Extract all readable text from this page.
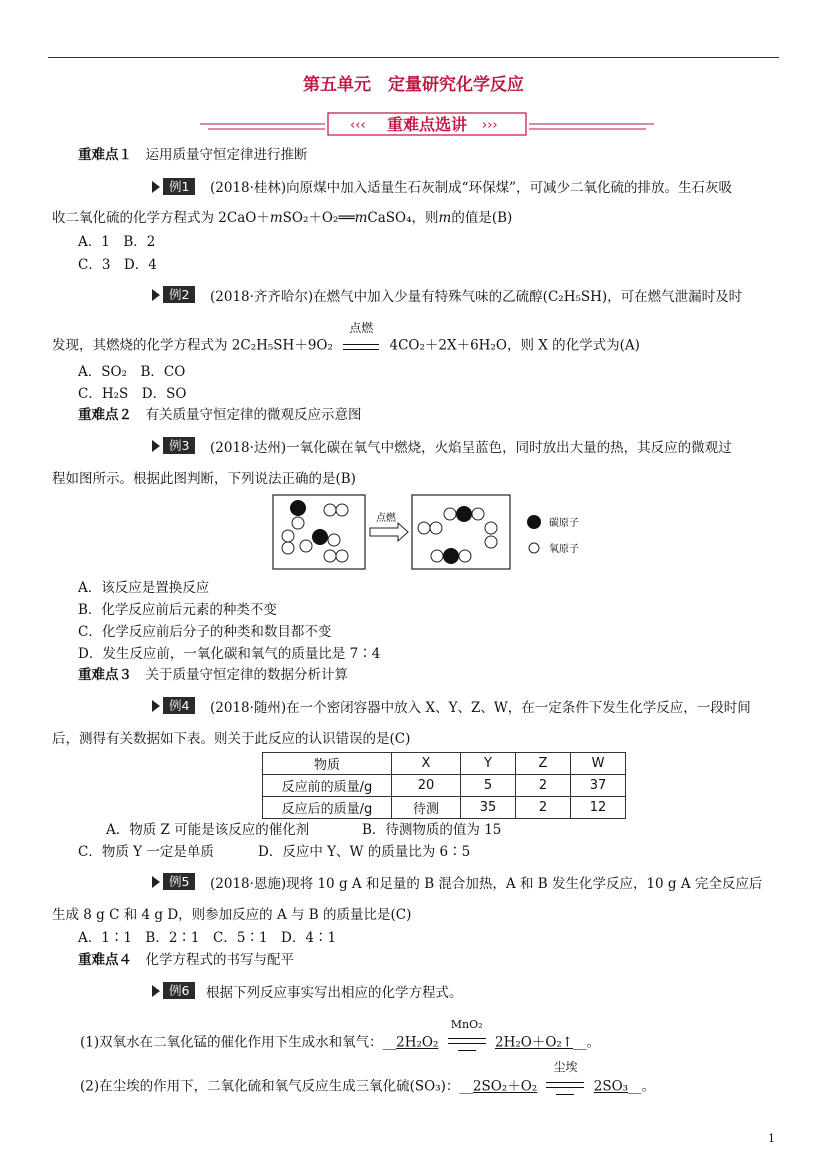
第五单元　定量研究化学反应
‹‹‹ 重难点选讲 ›››
重难点１　 运用质量守恒定律进行推断
例1	(2018·桂林)向原煤中加入适量生石灰制成“环保煤”，可减少二氧化硫的排放。生石灰吸
收二氧化硫的化学方程式为 2CaO＋mSO₂＋O₂══mCaSO₄，则m的值是(B)
A．1　B．2
C．3　D．4
例2	(2018·齐齐哈尔)在燃气中加入少量有特殊气味的乙硫醇(C₂H₅SH)，可在燃气泄漏时及时
发现，其燃烧的化学方程式为 2C₂H₅SH＋9O₂
点燃
4CO₂＋2X＋6H₂O，则 X 的化学式为(A)
A．SO₂　B．CO
C．H₂S　D．SO
重难点２　 有关质量守恒定律的微观反应示意图
例3	(2018·达州)一氧化碳在氧气中燃烧，火焰呈蓝色，同时放出大量的热，其反应的微观过
程如图所示。根据此图判断，下列说法正确的是(B)
点燃	碳原子
氧原子
A．该反应是置换反应
B．化学反应前后元素的种类不变
C．化学反应前后分子的种类和数目都不变
D．发生反应前，一氧化碳和氧气的质量比是 7∶4
重难点３　 关于质量守恒定律的数据分析计算
例4	(2018·随州)在一个密闭容器中放入 X、Y、Z、W，在一定条件下发生化学反应，一段时间
后，测得有关数据如下表。则关于此反应的认识错误的是(C)
物质	X	Y	Z	W
反应前的质量/g	20	5	2	37
反应后的质量/g	待测	35	2	12
A．物质 Z 可能是该反应的催化剂	B．待测物质的值为 15
C．物质 Y 一定是单质	D．反应中 Y、W 的质量比为 6∶5
例5	(2018·恩施)现将 10 g A 和足量的 B 混合加热，A 和 B 发生化学反应，10 g A 完全反应后
生成 8 g C 和 4 g D，则参加反应的 A 与 B 的质量比是(C)
A．1∶1　B．2∶1　C．5∶1　D．4∶1
重难点４　 化学方程式的书写与配平
例6	根据下列反应事实写出相应的化学方程式。
(1)双氧水在二氧化锰的催化作用下生成水和氧气：__2H₂O₂
MnO₂
2H₂O＋O₂↑__。
(2)在尘埃的作用下，二氧化硫和氧气反应生成三氧化硫(SO₃)：__2SO₂＋O₂
尘埃
2SO₃__。
1
